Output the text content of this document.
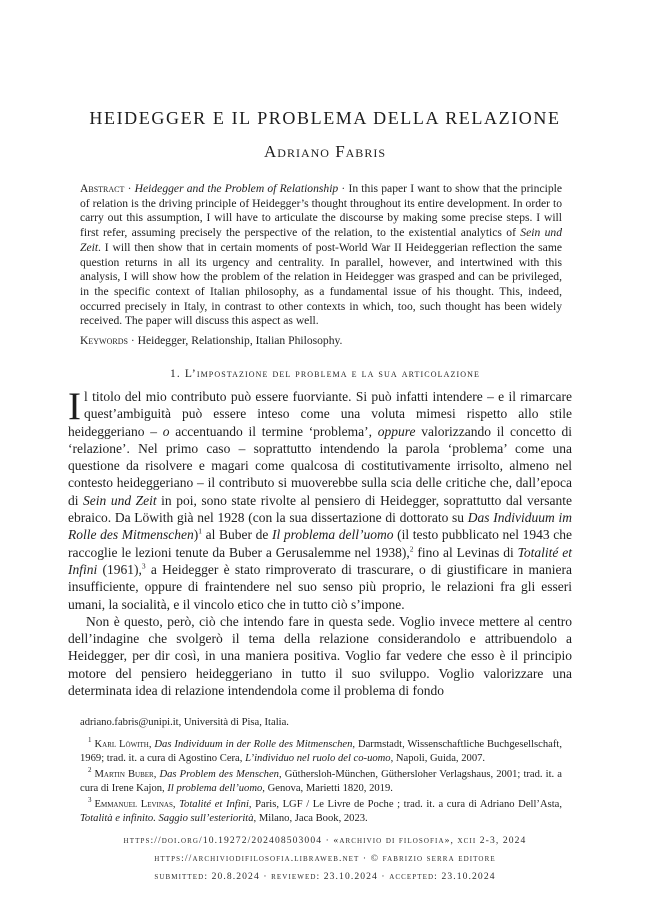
HEIDEGGER E IL PROBLEMA DELLA RELAZIONE
Adriano Fabris
Abstract · Heidegger and the Problem of Relationship · In this paper I want to show that the principle of relation is the driving principle of Heidegger’s thought throughout its entire development. In order to carry out this assumption, I will have to articulate the discourse by making some precise steps. I will first refer, assuming precisely the perspective of the relation, to the existential analytics of Sein und Zeit. I will then show that in certain moments of post-World War II Heideggerian reflection the same question returns in all its urgency and centrality. In parallel, however, and intertwined with this analysis, I will show how the problem of the relation in Heidegger was grasped and can be privileged, in the specific context of Italian philosophy, as a fundamental issue of his thought. This, indeed, occurred precisely in Italy, in contrast to other contexts in which, too, such thought has been widely received. The paper will discuss this aspect as well.
Keywords · Heidegger, Relationship, Italian Philosophy.
1. L’impostazione del problema e la sua articolazione

Il titolo del mio contributo può essere fuorviante. Si può infatti intendere – e il rimarcare quest’ambiguità può essere inteso come una voluta mimesi rispetto allo stile heideggeriano – o accentuando il termine ‘problema’, oppure valorizzando il concetto di ‘relazione’. Nel primo caso – soprattutto intendendo la parola ‘problema’ come una questione da risolvere e magari come qualcosa di costitutivamente irrisolto, almeno nel contesto heideggeriano – il contributo si muoverebbe sulla scia delle critiche che, dall’epoca di Sein und Zeit in poi, sono state rivolte al pensiero di Heidegger, soprattutto dal versante ebraico. Da Löwith già nel 1928 (con la sua dissertazione di dottorato su Das Individuum im Rolle des Mitmenschen)$^1$ al Buber de Il problema dell’uomo (il testo pubblicato nel 1943 che raccoglie le lezioni tenute da Buber a Gerusalemme nel 1938),$^2$ fino al Levinas di Totalité et Infini (1961),$^3$ a Heidegger è stato rimproverato di trascurare, o di giustificare in maniera insufficiente, oppure di fraintendere nel suo senso più proprio, le relazioni fra gli esseri umani, la socialità, e il vincolo etico che in tutto ciò s’impone.

Non è questo, però, ciò che intendo fare in questa sede. Voglio invece mettere al centro dell’indagine che svolgerò il tema della relazione considerandolo e attribuendolo a Heidegger, per dir così, in una maniera positiva. Voglio far vedere che esso è il principio motore del pensiero heideggeriano in tutto il suo sviluppo. Voglio valorizzare una determinata idea di relazione intendendola come il problema di fondo

adriano.fabris@unipi.it, Università di Pisa, Italia.

$^1$ Karl Löwith, Das Individuum in der Rolle des Mitmenschen, Darmstadt, Wissenschaftliche Buchgesellschaft, 1969; trad. it. a cura di Agostino Cera, L’individuo nel ruolo del co-uomo, Napoli, Guida, 2007.

$^2$ Martin Buber, Das Problem des Menschen, Güthersloh-München, Güthersloher Verlagshaus, 2001; trad. it. a cura di Irene Kajon, Il problema dell’uomo, Genova, Marietti 1820, 2019.

$^3$ Emmanuel Levinas, Totalité et Infini, Paris, LGF / Le Livre de Poche ; trad. it. a cura di Adriano Dell’Asta, Totalità e infinito. Saggio sull’esteriorità, Milano, Jaca Book, 2023.

https://doi.org/10.19272/202408503004 · «archivio di filosofia», xcii 2-3, 2024
https://archiviodifilosofia.libraweb.net · © fabrizio serra editore
submitted: 20.8.2024 · reviewed: 23.10.2024 · accepted: 23.10.2024
